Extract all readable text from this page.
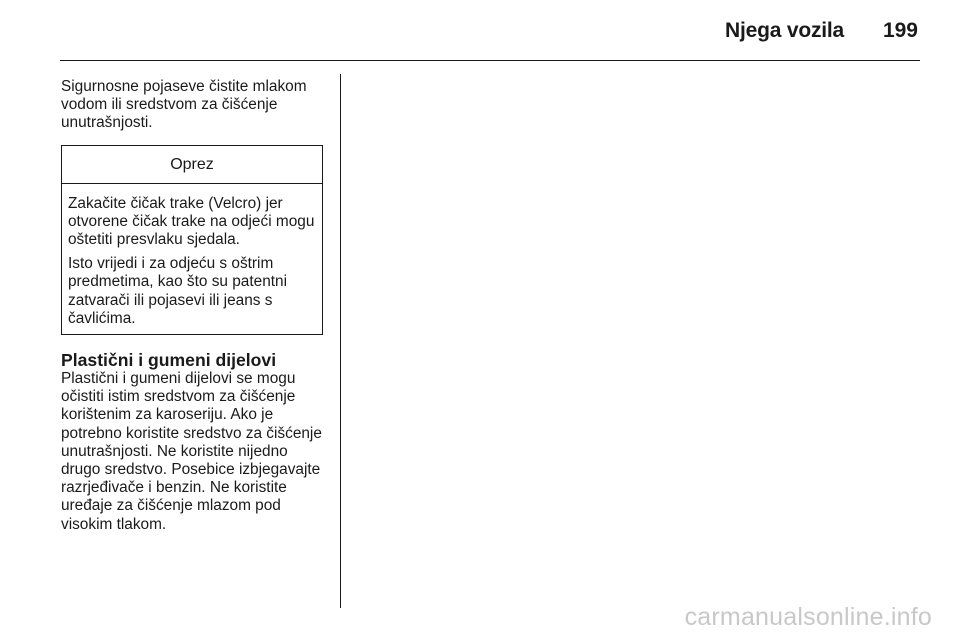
Njega vozila 199

Sigurnosne pojaseve čistite mlakom vodom ili sredstvom za čišćenje unutrašnjosti.

Oprez

Zakačite čičak trake (Velcro) jer otvorene čičak trake na odjeći mogu oštetiti presvlaku sjedala.

Isto vrijedi i za odjeću s oštrim predmetima, kao što su patentni zatvarači ili pojasevi ili jeans s čavlićima.

Plastični i gumeni dijelovi

Plastični i gumeni dijelovi se mogu očistiti istim sredstvom za čišćenje korištenim za karoseriju. Ako je potrebno koristite sredstvo za čišćenje unutrašnjosti. Ne koristite nijedno drugo sredstvo. Posebice izbjegavajte razrjeđivače i benzin. Ne koristite uređaje za čišćenje mlazom pod visokim tlakom.

carmanualsonline.info
